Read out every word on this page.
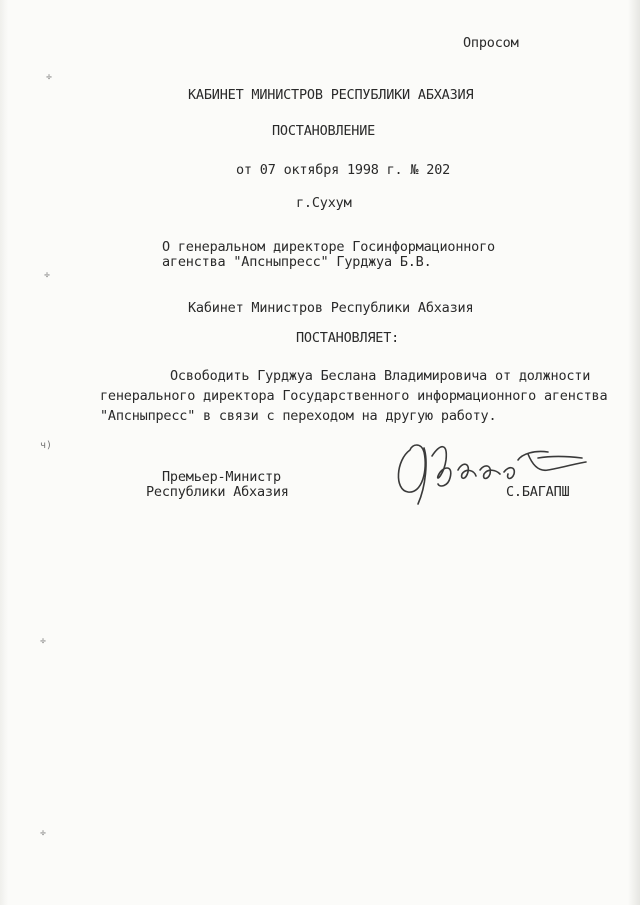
÷
÷
ч)
÷
÷
Опросом
КАБИНЕТ МИНИСТРОВ РЕСПУБЛИКИ АБХАЗИЯ
ПОСТАНОВЛЕНИЕ
от 07 октября 1998 г. № 202
г.Сухум
О генеральном директоре Госинформационного
агенства "Апсныпресс" Гурджуа Б.В.
Кабинет Министров Республики Абхазия
ПОСТАНОВЛЯЕТ:
Освободить Гурджуа Беслана Владимировича от должности
генерального директора Государственного информационного агенства
"Апсныпресс" в связи с переходом на другую работу.
Премьер-Министр
Республики Абхазия	С.БАГАПШ
